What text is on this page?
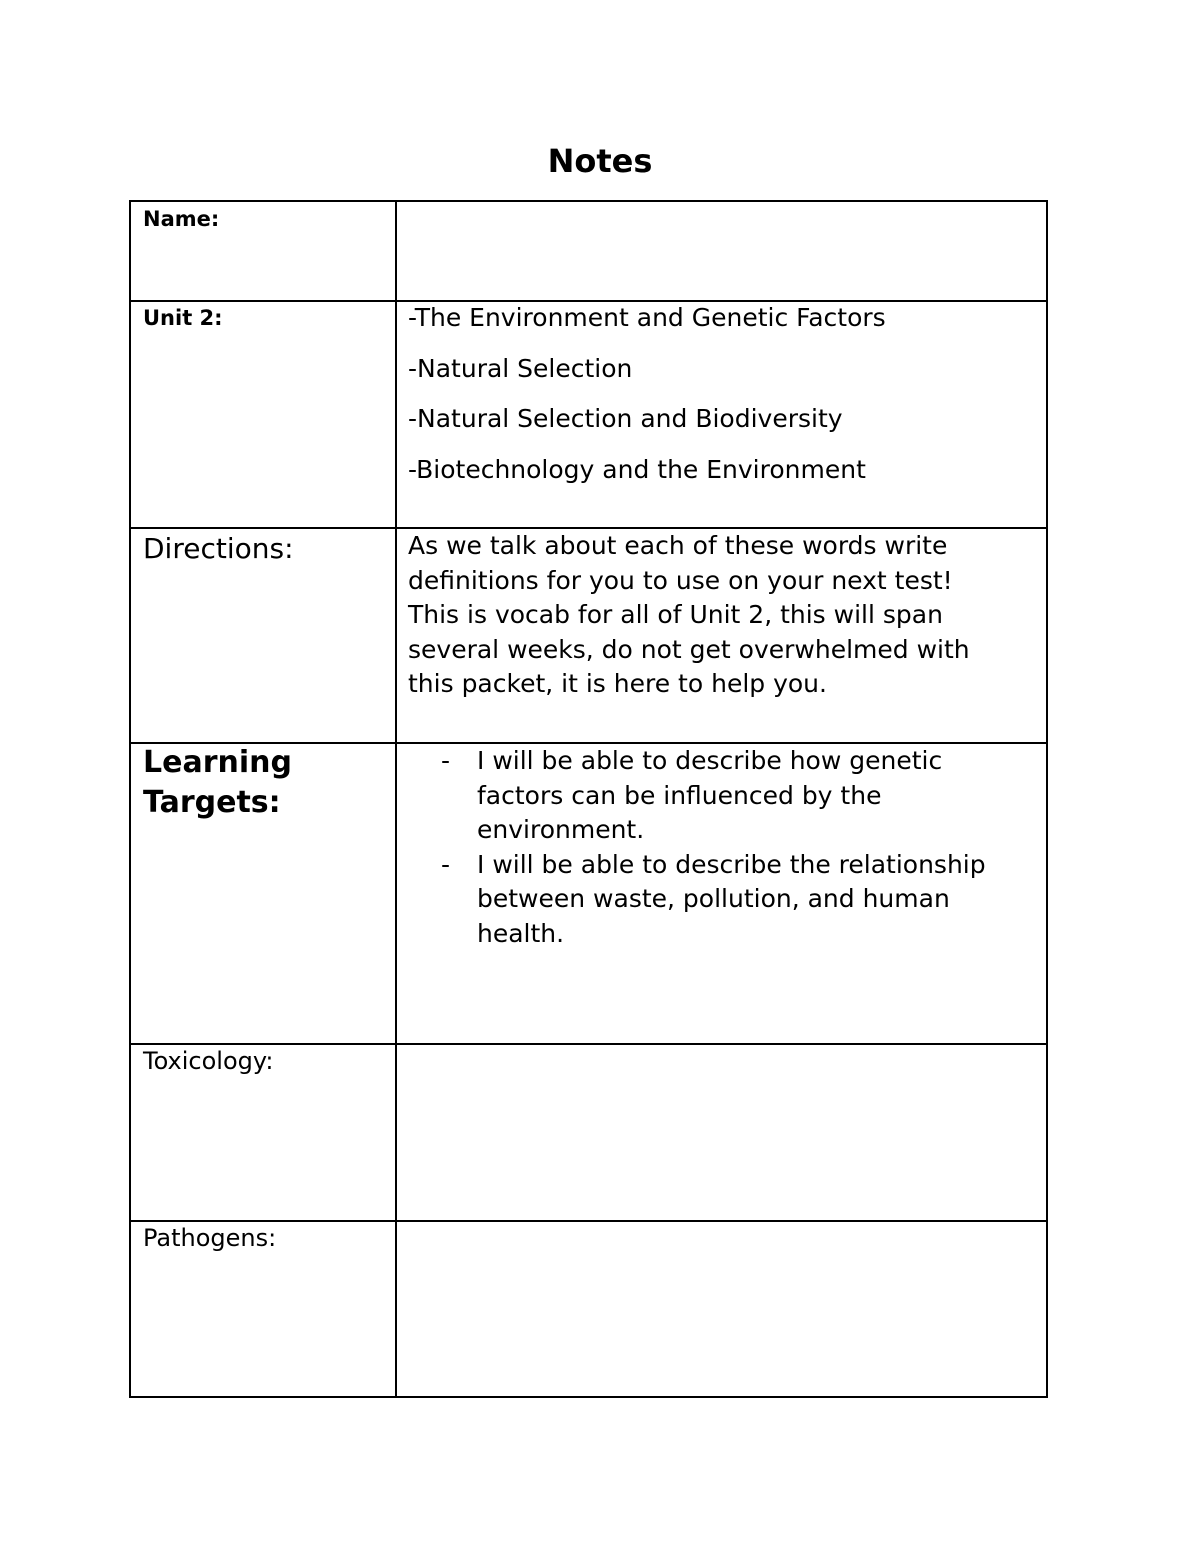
Notes
Name:
Unit 2:	-The Environment and Genetic Factors

-Natural Selection

-Natural Selection and Biodiversity

-Biotechnology and the Environment

Directions:	As we talk about each of these words write
definitions for you to use on your next test!
This is vocab for all of Unit 2, this will span
several weeks, do not get overwhelmed with
this packet, it is here to help you.
Learning
Targets:
- I will be able to describe how genetic
factors can be influenced by the
environment.
- I will be able to describe the relationship
between waste, pollution, and human
health.
Toxicology:
Pathogens:
